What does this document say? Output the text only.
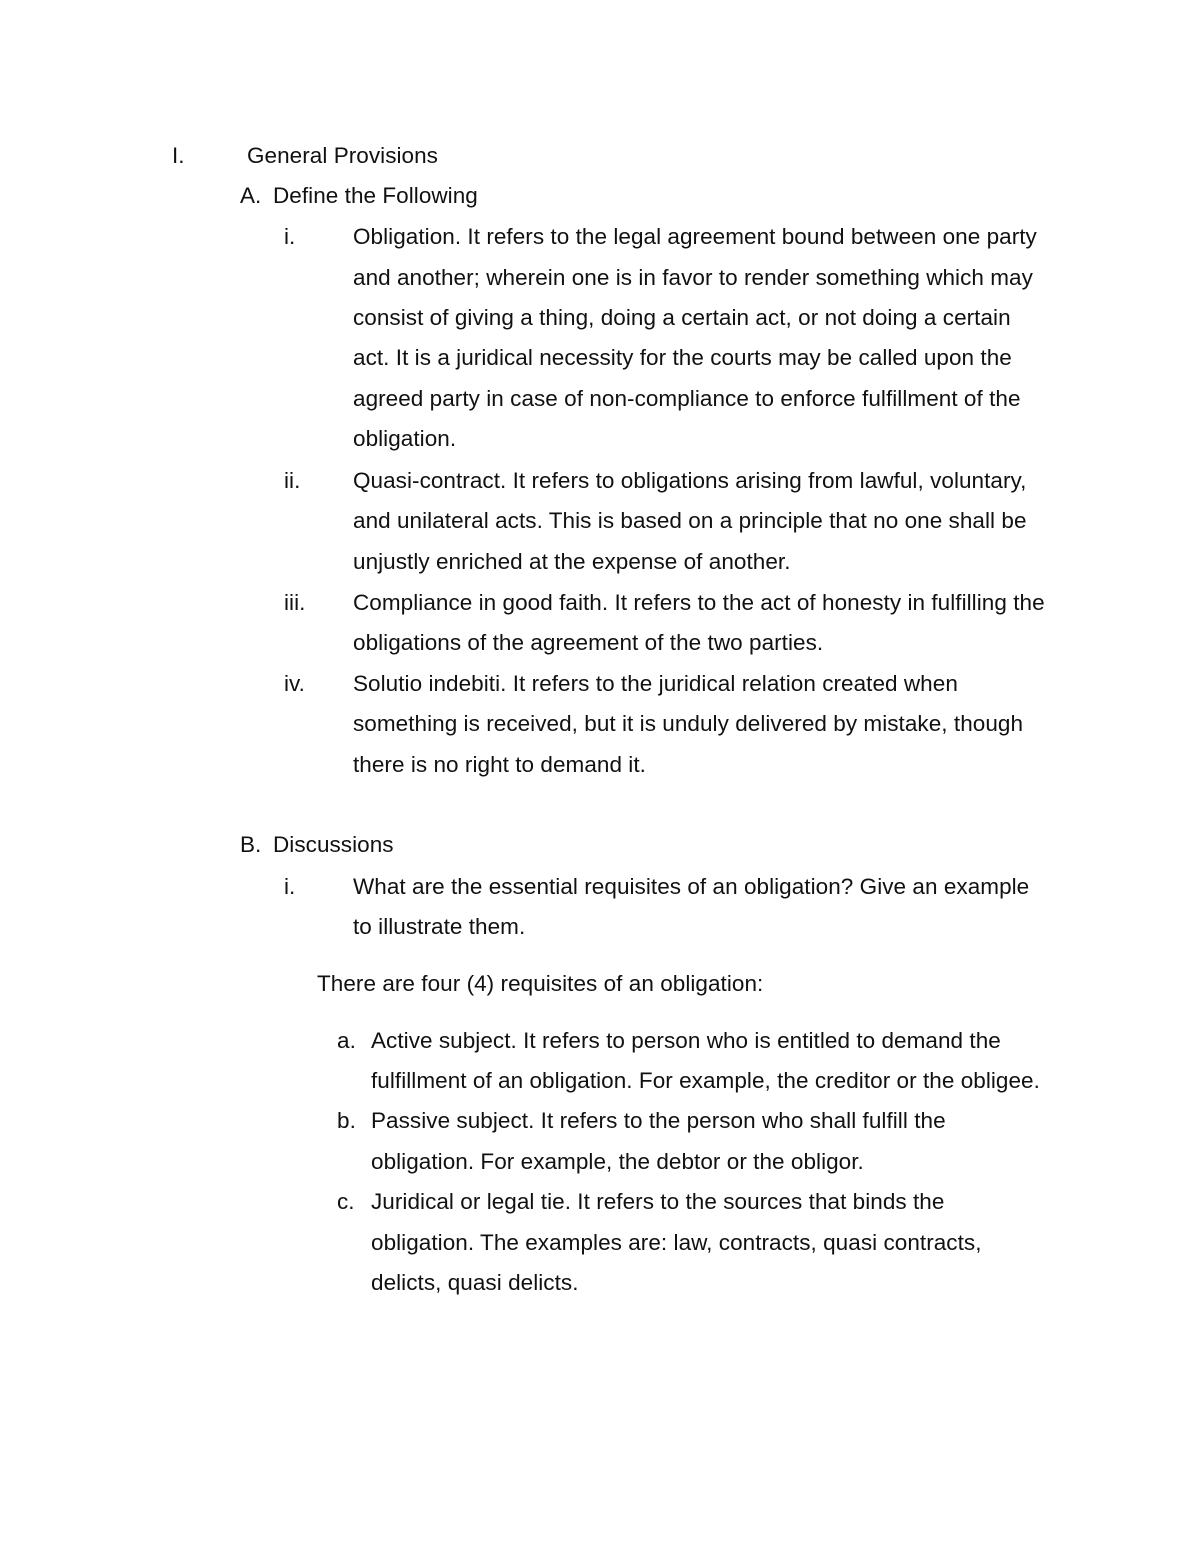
I.	General Provisions
A. Define the Following
i.	Obligation. It refers to the legal agreement bound between one party
and another; wherein one is in favor to render something which may
consist of giving a thing, doing a certain act, or not doing a certain
act. It is a juridical necessity for the courts may be called upon the
agreed party in case of non-compliance to enforce fulfillment of the
obligation.
ii. Quasi-contract. It refers to obligations arising from lawful, voluntary,
and unilateral acts. This is based on a principle that no one shall be
unjustly enriched at the expense of another.
iii. Compliance in good faith. It refers to the act of honesty in fulfilling the
obligations of the agreement of the two parties.
iv. Solutio indebiti. It refers to the juridical relation created when
something is received, but it is unduly delivered by mistake, though
there is no right to demand it.
B. Discussions
i.	What are the essential requisites of an obligation? Give an example
to illustrate them.
There are four (4) requisites of an obligation:
a. Active subject. It refers to person who is entitled to demand the
fulfillment of an obligation. For example, the creditor or the obligee.
b. Passive subject. It refers to the person who shall fulfill the
obligation. For example, the debtor or the obligor.
c. Juridical or legal tie. It refers to the sources that binds the
obligation. The examples are: law, contracts, quasi contracts,
delicts, quasi delicts.
